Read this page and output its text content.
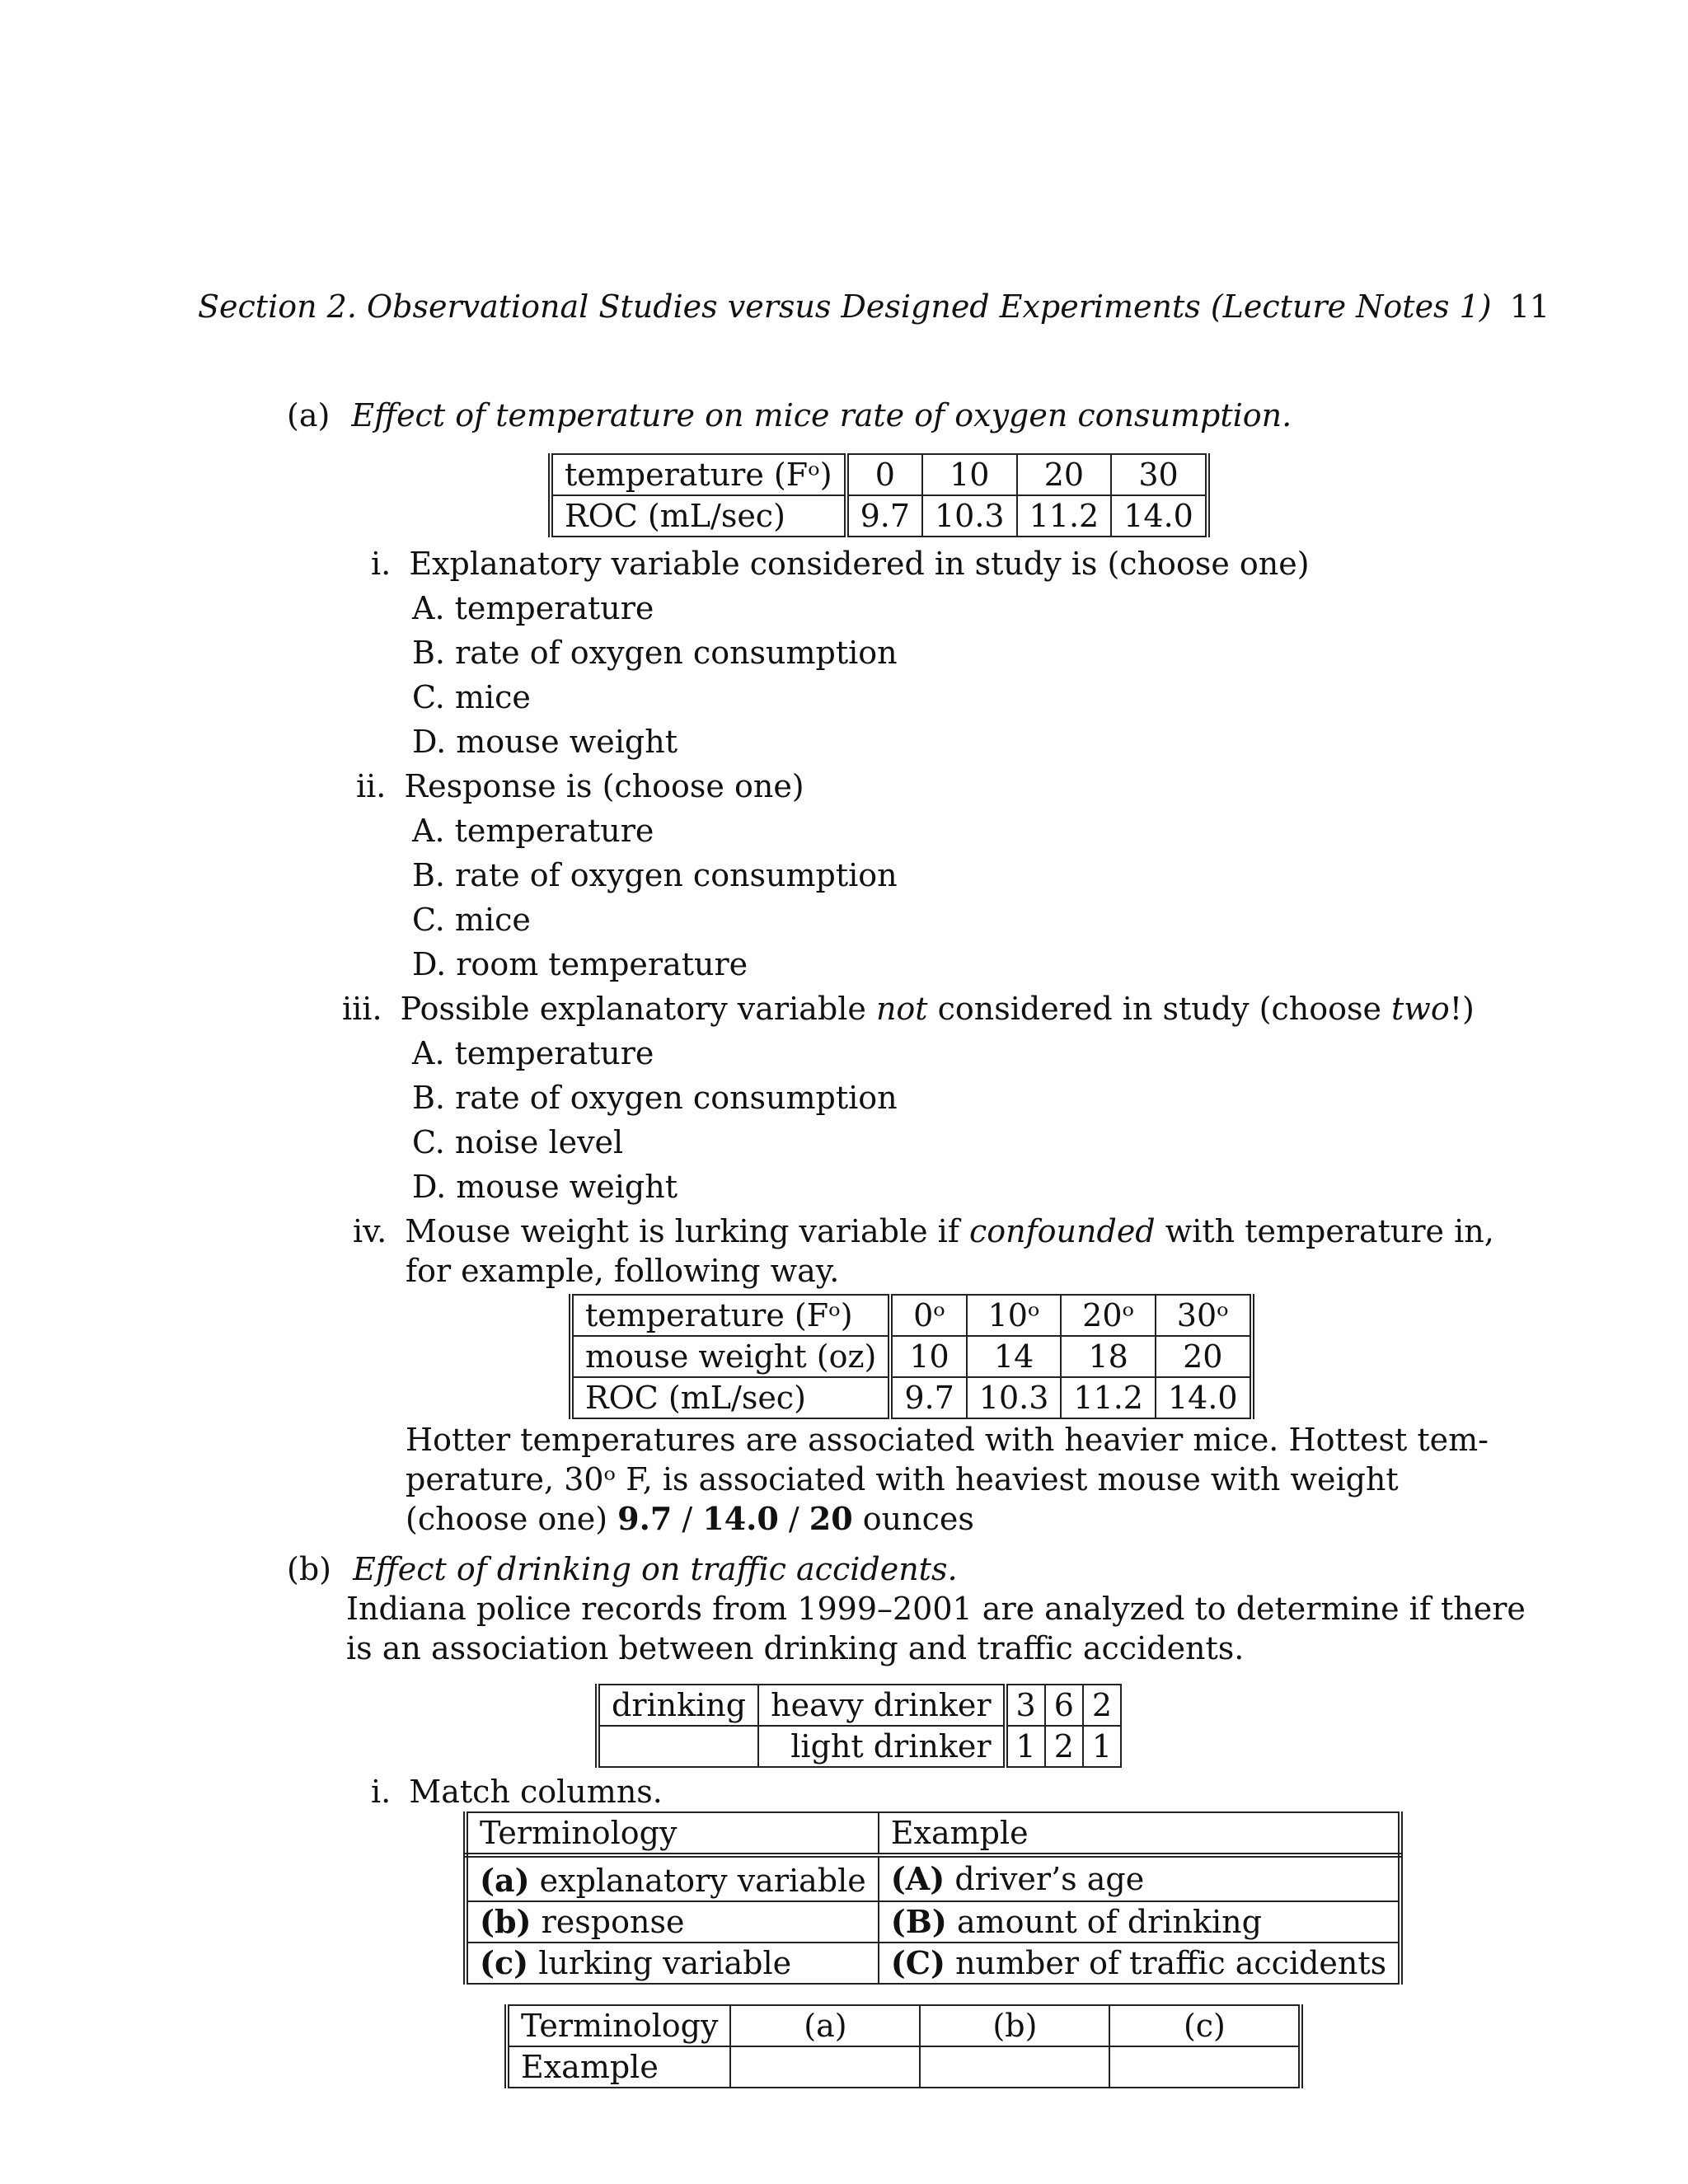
Section 2. Observational Studies versus Designed Experiments (Lecture Notes 1) 11
(a) Effect of temperature on mice rate of oxygen consumption.
temperature (Fᵒ)	0	10	20	30
ROC (mL/sec)	9.7	10.3	11.2	14.0
i. Explanatory variable considered in study is (choose one)
A. temperature
B. rate of oxygen consumption
C. mice
D. mouse weight
ii. Response is (choose one)
A. temperature
B. rate of oxygen consumption
C. mice
D. room temperature
iii. Possible explanatory variable not considered in study (choose two!)
A. temperature
B. rate of oxygen consumption
C. noise level
D. mouse weight
iv. Mouse weight is lurking variable if confounded with temperature in,
for example, following way.
temperature (Fᵒ)	0ᵒ	10ᵒ	20ᵒ	30ᵒ
mouse weight (oz)	10	14	18	20
ROC (mL/sec)	9.7	10.3	11.2	14.0
Hotter temperatures are associated with heavier mice. Hottest tem-
perature, 30ᵒ F, is associated with heaviest mouse with weight
(choose one) 9.7 / 14.0 / 20 ounces
(b) Effect of drinking on traffic accidents.
Indiana police records from 1999–2001 are analyzed to determine if there
is an association between drinking and traffic accidents.
drinking	heavy drinker	3	6	2
	light drinker	1	2	1
i. Match columns.
Terminology	Example
(a) explanatory variable	(A) driver’s age
(b) response	(B) amount of drinking
(c) lurking variable	(C) number of traffic accidents
Terminology	(a)	(b)	(c)
Example			
